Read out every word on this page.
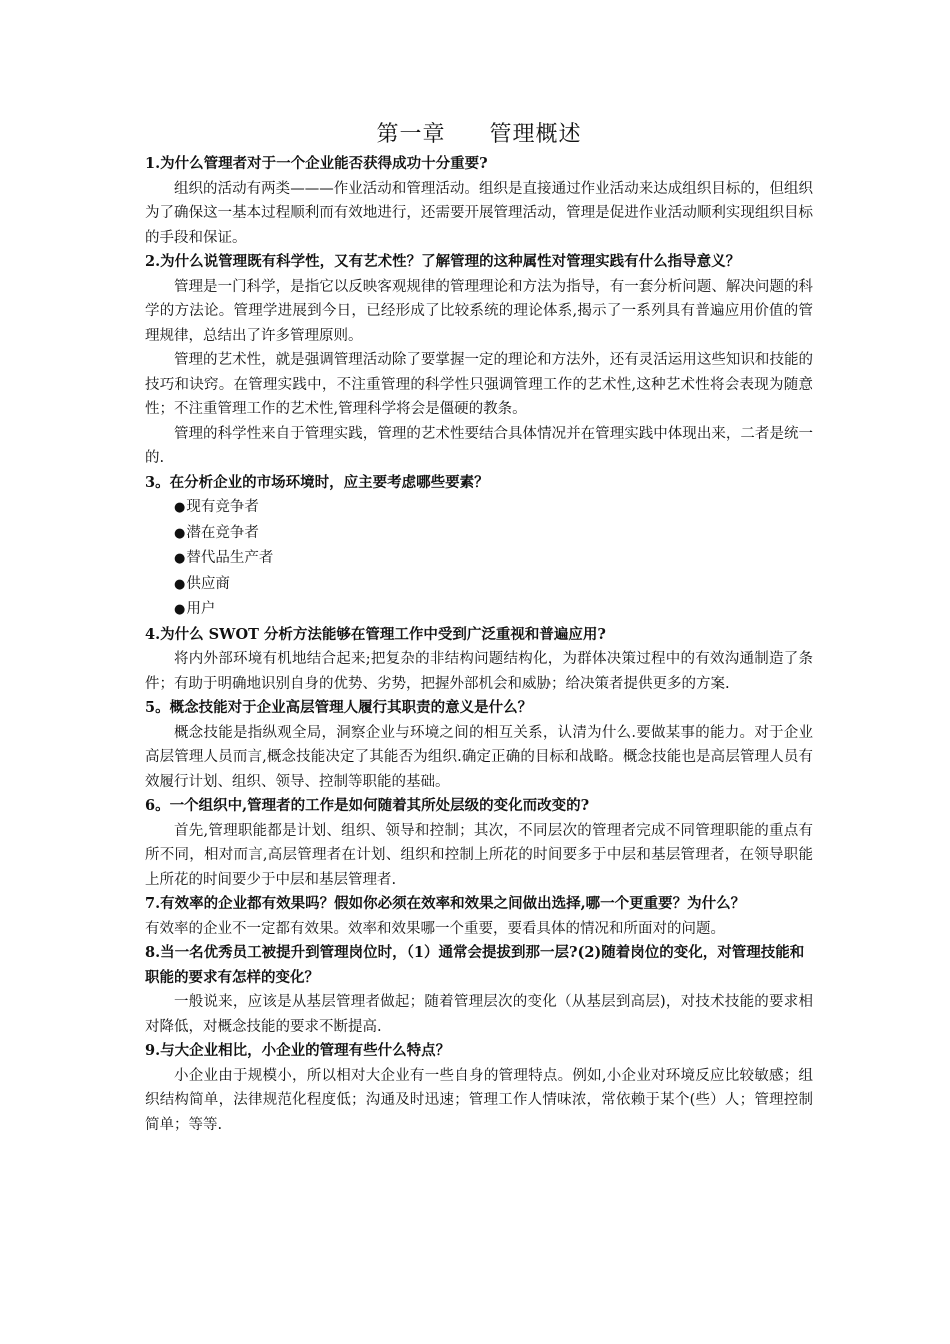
第一章 管理概述

1.为什么管理者对于一个企业能否获得成功十分重要?

组织的活动有两类———作业活动和管理活动。组织是直接通过作业活动来达成组织目标的，但组织为了确保这一基本过程顺利而有效地进行，还需要开展管理活动，管理是促进作业活动顺利实现组织目标的手段和保证。

2.为什么说管理既有科学性，又有艺术性？了解管理的这种属性对管理实践有什么指导意义？

管理是一门科学，是指它以反映客观规律的管理理论和方法为指导，有一套分析问题、解决问题的科学的方法论。管理学进展到今日，已经形成了比较系统的理论体系,揭示了一系列具有普遍应用价值的管理规律，总结出了许多管理原则。

管理的艺术性，就是强调管理活动除了要掌握一定的理论和方法外，还有灵活运用这些知识和技能的技巧和诀窍。在管理实践中，不注重管理的科学性只强调管理工作的艺术性,这种艺术性将会表现为随意性；不注重管理工作的艺术性,管理科学将会是僵硬的教条。

管理的科学性来自于管理实践，管理的艺术性要结合具体情况并在管理实践中体现出来，二者是统一的.

3。在分析企业的市场环境时，应主要考虑哪些要素？

●现有竞争者

●潜在竞争者

●替代品生产者

●供应商

●用户

4.为什么 SWOT 分析方法能够在管理工作中受到广泛重视和普遍应用?

将内外部环境有机地结合起来;把复杂的非结构问题结构化，为群体决策过程中的有效沟通制造了条件；有助于明确地识别自身的优势、劣势，把握外部机会和威胁；给决策者提供更多的方案.

5。概念技能对于企业高层管理人履行其职责的意义是什么？

概念技能是指纵观全局，洞察企业与环境之间的相互关系，认清为什么.要做某事的能力。对于企业高层管理人员而言,概念技能决定了其能否为组织.确定正确的目标和战略。概念技能也是高层管理人员有效履行计划、组织、领导、控制等职能的基础。

6。一个组织中,管理者的工作是如何随着其所处层级的变化而改变的?

首先,管理职能都是计划、组织、领导和控制；其次，不同层次的管理者完成不同管理职能的重点有所不同，相对而言,高层管理者在计划、组织和控制上所花的时间要多于中层和基层管理者，在领导职能上所花的时间要少于中层和基层管理者.

7.有效率的企业都有效果吗？假如你必须在效率和效果之间做出选择,哪一个更重要？为什么？

有效率的企业不一定都有效果。效率和效果哪一个重要，要看具体的情况和所面对的问题。

8.当一名优秀员工被提升到管理岗位时，（1）通常会提拔到那一层?(2)随着岗位的变化，对管理技能和职能的要求有怎样的变化？

一般说来，应该是从基层管理者做起；随着管理层次的变化（从基层到高层)，对技术技能的要求相对降低，对概念技能的要求不断提高.

9.与大企业相比，小企业的管理有些什么特点？

小企业由于规模小，所以相对大企业有一些自身的管理特点。例如,小企业对环境反应比较敏感；组织结构简单，法律规范化程度低；沟通及时迅速；管理工作人情味浓，常依赖于某个(些）人；管理控制简单；等等.
